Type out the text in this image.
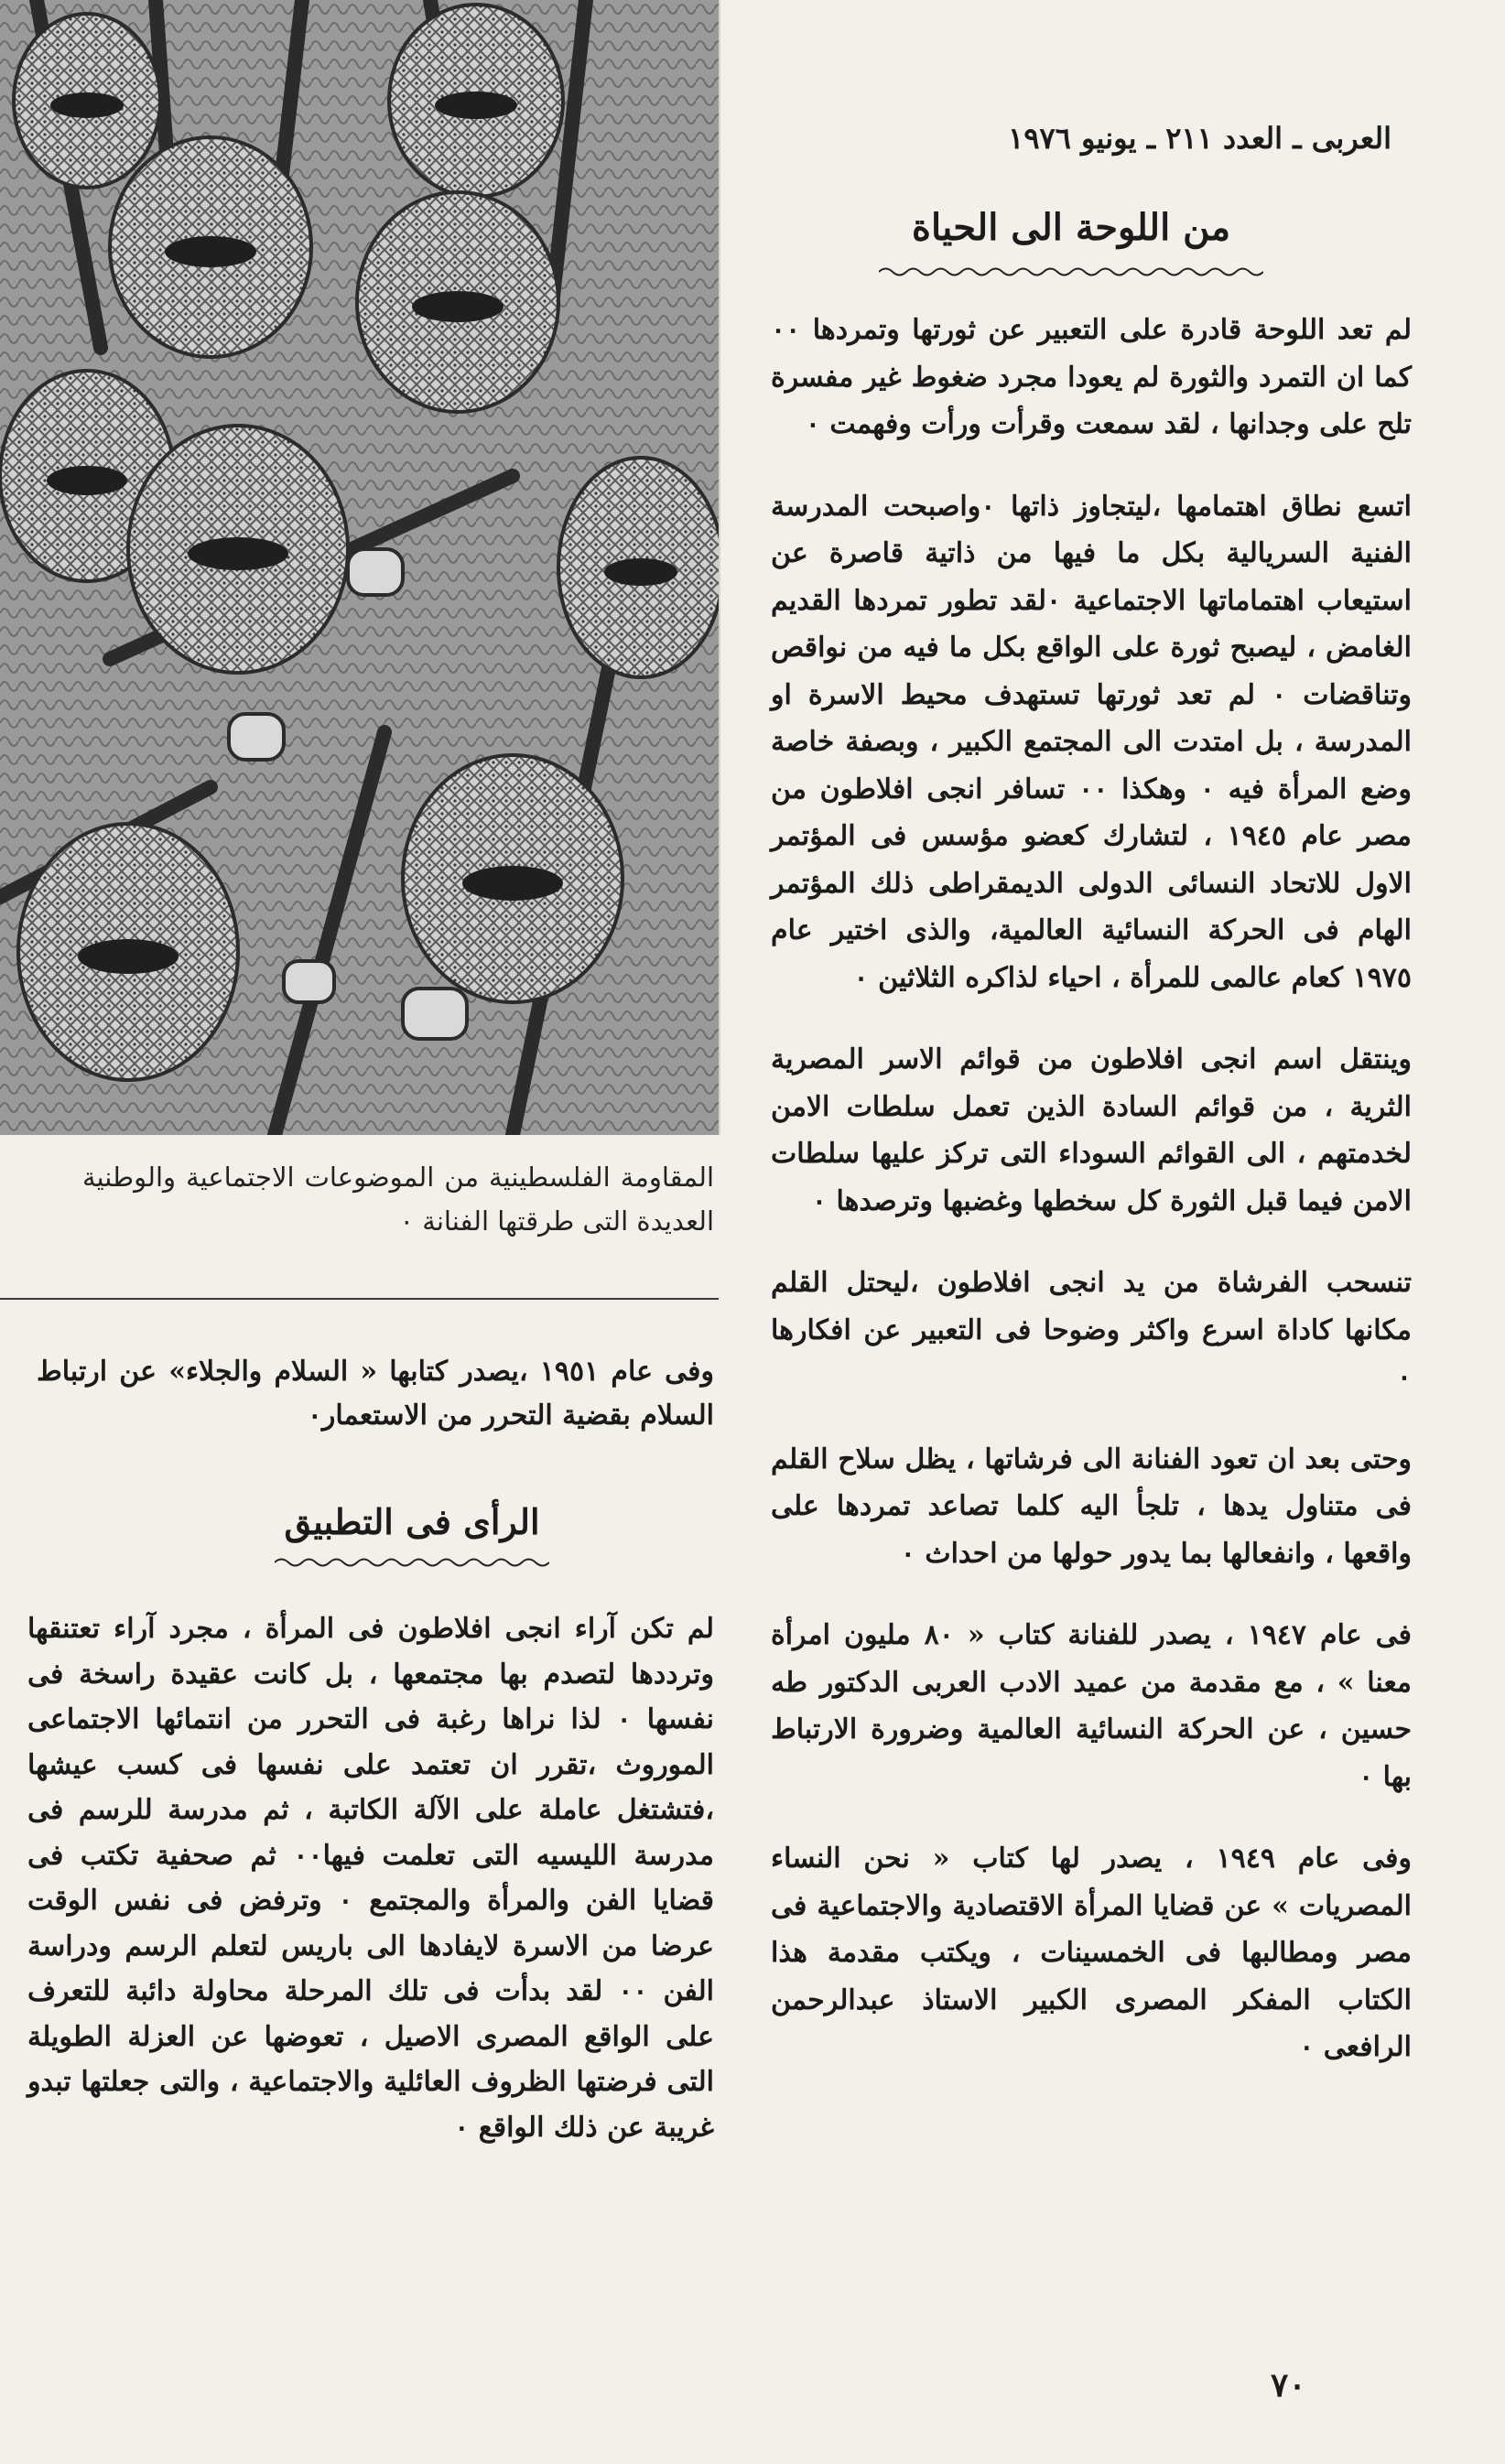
المقاومة الفلسطينية من الموضوعات الاجتماعية والوطنية العديدة التى طرقتها الفنانة ٠
وفى عام ١٩٥١ ،يصدر كتابها « السلام والجلاء» عن ارتباط السلام بقضية التحرر من الاستعمار٠
الرأى فى التطبيق
لم تكن آراء انجى افلاطون فى المرأة ، مجرد آراء تعتنقها وترددها لتصدم بها مجتمعها ، بل كانت عقيدة راسخة فى نفسها ٠ لذا نراها رغبة فى التحرر من انتمائها الاجتماعى الموروث ،تقرر ان تعتمد على نفسها فى كسب عيشها ،فتشتغل عاملة على الآلة الكاتبة ، ثم مدرسة للرسم فى مدرسة الليسيه التى تعلمت فيها٠٠ ثم صحفية تكتب فى قضايا الفن والمرأة والمجتمع ٠ وترفض فى نفس الوقت عرضا من الاسرة لايفادها الى باريس لتعلم الرسم ودراسة الفن ٠٠ لقد بدأت فى تلك المرحلة محاولة دائبة للتعرف على الواقع المصرى الاصيل ، تعوضها عن العزلة الطويلة التى فرضتها الظروف العائلية والاجتماعية ، والتى جعلتها تبدو غريبة عن ذلك الواقع ٠
العربى ـ العدد ٢١١ ـ يونيو ١٩٧٦
من اللوحة الى الحياة

لم تعد اللوحة قادرة على التعبير عن ثورتها وتمردها ٠٠ كما ان التمرد والثورة لم يعودا مجرد ضغوط غير مفسرة تلح على وجدانها ، لقد سمعت وقرأت ورأت وفهمت ٠

اتسع نطاق اهتمامها ،ليتجاوز ذاتها ٠واصبحت المدرسة الفنية السريالية بكل ما فيها من ذاتية قاصرة عن استيعاب اهتماماتها الاجتماعية ٠لقد تطور تمردها القديم الغامض ، ليصبح ثورة على الواقع بكل ما فيه من نواقص وتناقضات ٠ لم تعد ثورتها تستهدف محيط الاسرة او المدرسة ، بل امتدت الى المجتمع الكبير ، وبصفة خاصة وضع المرأة فيه ٠ وهكذا ٠٠ تسافر انجى افلاطون من مصر عام ١٩٤٥ ، لتشارك كعضو مؤسس فى المؤتمر الاول للاتحاد النسائى الدولى الديمقراطى ذلك المؤتمر الهام فى الحركة النسائية العالمية، والذى اختير عام ١٩٧٥ كعام عالمى للمرأة ، احياء لذاكره الثلاثين ٠

وينتقل اسم انجى افلاطون من قوائم الاسر المصرية الثرية ، من قوائم السادة الذين تعمل سلطات الامن لخدمتهم ، الى القوائم السوداء التى تركز عليها سلطات الامن فيما قبل الثورة كل سخطها وغضبها وترصدها ٠

تنسحب الفرشاة من يد انجى افلاطون ،ليحتل القلم مكانها كاداة اسرع واكثر وضوحا فى التعبير عن افكارها ٠

وحتى بعد ان تعود الفنانة الى فرشاتها ، يظل سلاح القلم فى متناول يدها ، تلجأ اليه كلما تصاعد تمردها على واقعها ، وانفعالها بما يدور حولها من احداث ٠

فى عام ١٩٤٧ ، يصدر للفنانة كتاب « ٨٠ مليون امرأة معنا » ، مع مقدمة من عميد الادب العربى الدكتور طه حسين ، عن الحركة النسائية العالمية وضرورة الارتباط بها ٠

وفى عام ١٩٤٩ ، يصدر لها كتاب « نحن النساء المصريات » عن قضايا المرأة الاقتصادية والاجتماعية فى مصر ومطالبها فى الخمسينات ، ويكتب مقدمة هذا الكتاب المفكر المصرى الكبير الاستاذ عبدالرحمن الرافعى ٠

٧٠
